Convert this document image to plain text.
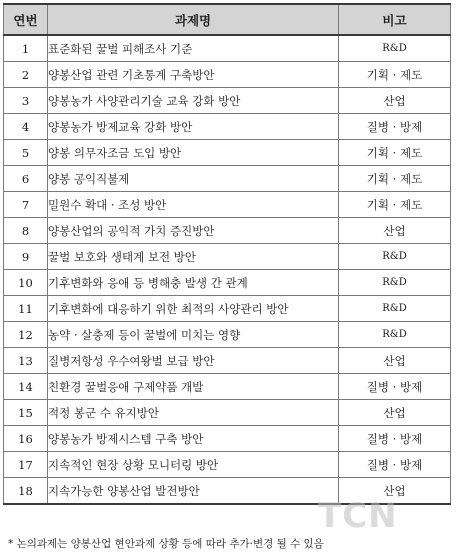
연번	과제명	비고
1	표준화된 꿀벌 피해조사 기준	R&D
2	양봉산업 관련 기초통계 구축방안	기획 · 제도
3	양봉농가 사양관리기술 교육 강화 방안	산업
4	양봉농가 방제교육 강화 방안	질병 · 방제
5	양봉 의무자조금 도입 방안	기획 · 제도
6	양봉 공익직불제	기획 · 제도
7	밀원수 확대 · 조성 방안	기획 · 제도
8	양봉산업의 공익적 가치 증진방안	산업
9	꿀벌 보호와 생태계 보전 방안	R&D
10	기후변화와 응애 등 병해충 발생 간 관계	R&D
11	기후변화에 대응하기 위한 최적의 사양관리 방안	R&D
12	농약 · 살충제 등이 꿀벌에 미치는 영향	R&D
13	질병저항성 우수여왕벌 보급 방안	산업
14	친환경 꿀벌응애 구제약품 개발	질병 · 방제
15	적정 봉군 수 유지방안	산업
16	양봉농가 방제시스템 구축 방안	질병 · 방제
17	지속적인 현장 상황 모니터링 방안	질병 · 방제
18	지속가능한 양봉산업 발전방안	산업
* 논의과제는 양봉산업 현안과제 상황 등에 따라 추가·변경 될 수 있음
TCN
